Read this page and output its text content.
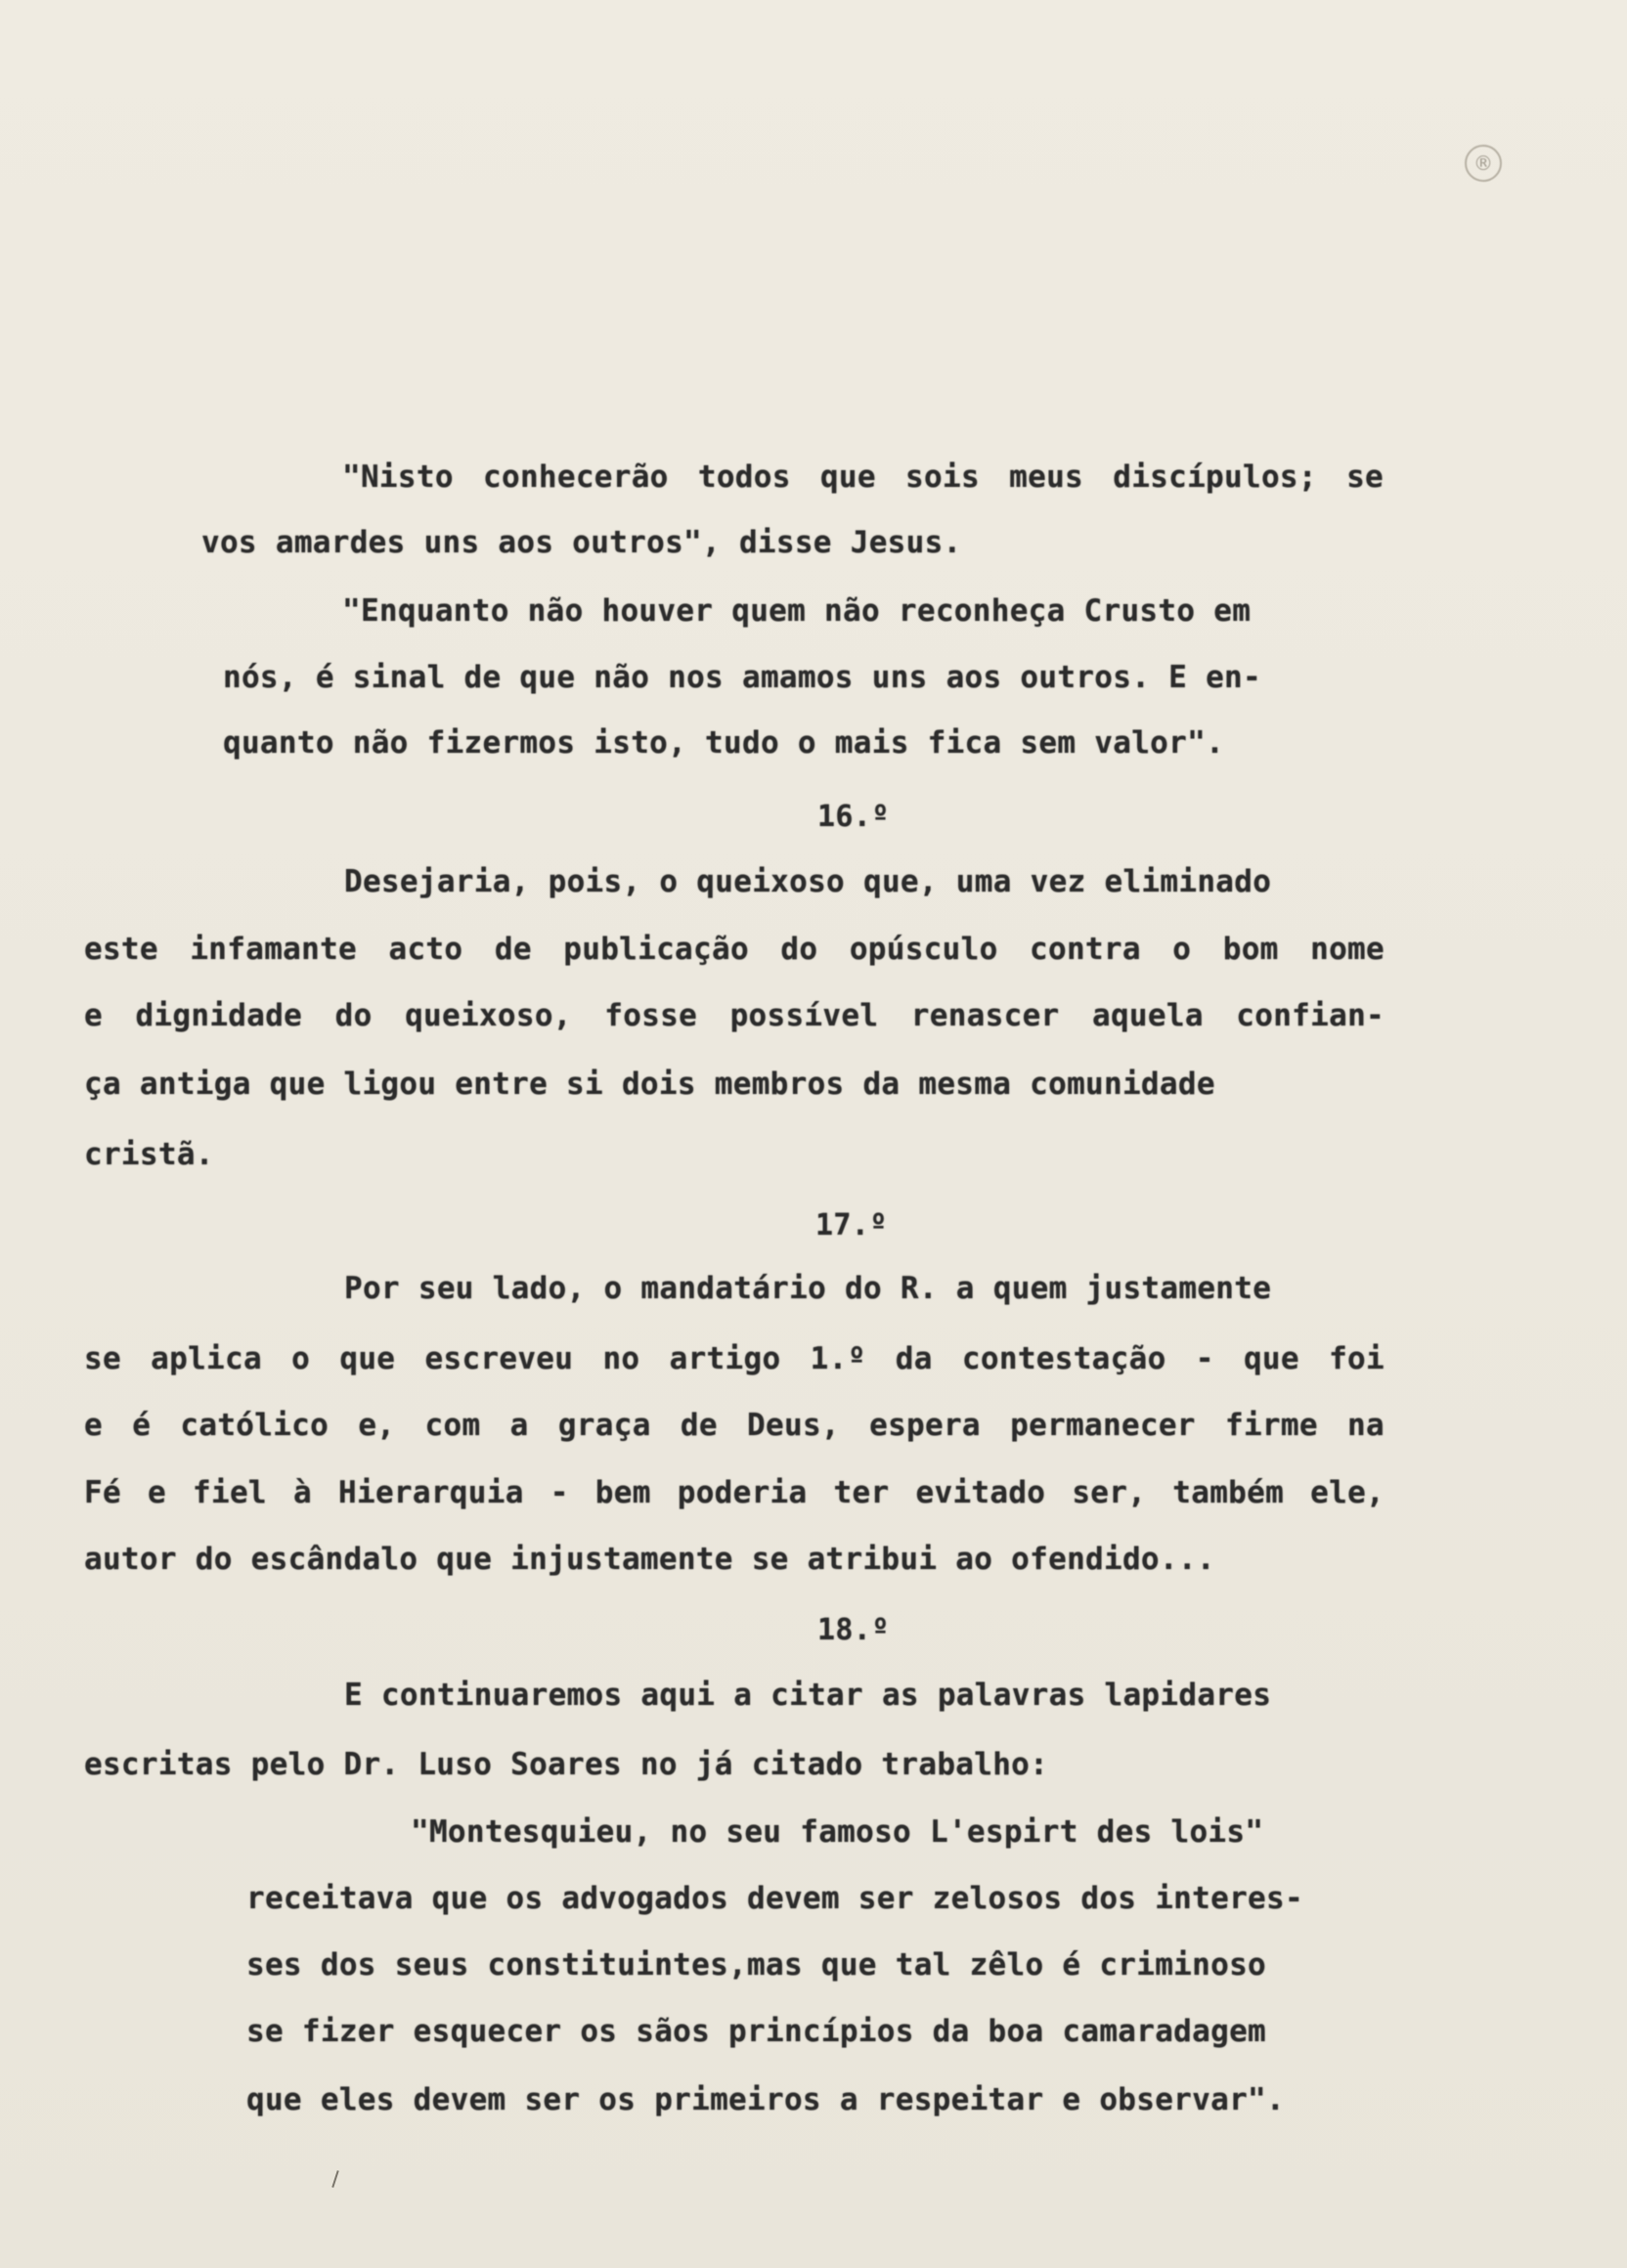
®
"Nisto conhecerão todos que sois meus discípulos; se
vos amardes uns aos outros", disse Jesus.
"Enquanto não houver quem não reconheça Crusto em
nós, é sinal de que não nos amamos uns aos outros. E en-
quanto não fizermos isto, tudo o mais fica sem valor".
16.º
Desejaria, pois, o queixoso que, uma vez eliminado
este infamante acto de publicação do opúsculo contra o bom nome
e dignidade do queixoso, fosse possível renascer aquela confian-
ça antiga que ligou entre si dois membros da mesma comunidade
cristã.
17.º
Por seu lado, o mandatário do R. a quem justamente
se aplica o que escreveu no artigo 1.º da contestação - que foi
e é católico e, com a graça de Deus, espera permanecer firme na
Fé e fiel à Hierarquia - bem poderia ter evitado ser, também ele,
autor do escândalo que injustamente se atribui ao ofendido...
18.º
E continuaremos aqui a citar as palavras lapidares
escritas pelo Dr. Luso Soares no já citado trabalho:
"Montesquieu, no seu famoso L'espirt des lois"
receitava que os advogados devem ser zelosos dos interes-
ses dos seus constituintes,mas que tal zêlo é criminoso
se fizer esquecer os sãos princípios da boa camaradagem
que eles devem ser os primeiros a respeitar e observar".
